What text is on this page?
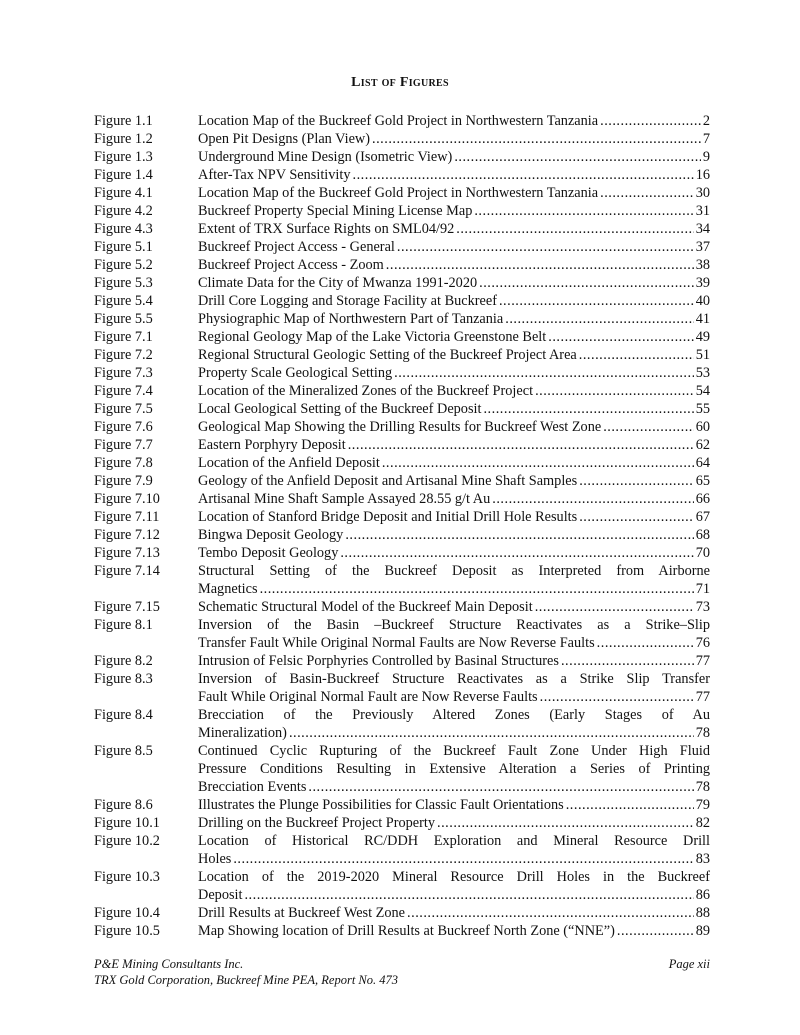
List of Figures
Figure 1.1	Location Map of the Buckreef Gold Project in Northwestern Tanzania .....	2
Figure 1.2	Open Pit Designs (Plan View) .....	7
Figure 1.3	Underground Mine Design (Isometric View) .....	9
Figure 1.4	After-Tax NPV Sensitivity .....	16
Figure 4.1	Location Map of the Buckreef Gold Project in Northwestern Tanzania .....	30
Figure 4.2	Buckreef Property Special Mining License Map .....	31
Figure 4.3	Extent of TRX Surface Rights on SML04/92 .....	34
Figure 5.1	Buckreef Project Access - General .....	37
Figure 5.2	Buckreef Project Access - Zoom .....	38
Figure 5.3	Climate Data for the City of Mwanza 1991-2020 .....	39
Figure 5.4	Drill Core Logging and Storage Facility at Buckreef .....	40
Figure 5.5	Physiographic Map of Northwestern Part of Tanzania .....	41
Figure 7.1	Regional Geology Map of the Lake Victoria Greenstone Belt .....	49
Figure 7.2	Regional Structural Geologic Setting of the Buckreef Project Area .....	51
Figure 7.3	Property Scale Geological Setting .....	53
Figure 7.4	Location of the Mineralized Zones of the Buckreef Project .....	54
Figure 7.5	Local Geological Setting of the Buckreef Deposit .....	55
Figure 7.6	Geological Map Showing the Drilling Results for Buckreef West Zone .....	60
Figure 7.7	Eastern Porphyry Deposit .....	62
Figure 7.8	Location of the Anfield Deposit .....	64
Figure 7.9	Geology of the Anfield Deposit and Artisanal Mine Shaft Samples .....	65
Figure 7.10	Artisanal Mine Shaft Sample Assayed 28.55 g/t Au .....	66
Figure 7.11	Location of Stanford Bridge Deposit and Initial Drill Hole Results .....	67
Figure 7.12	Bingwa Deposit Geology .....	68
Figure 7.13	Tembo Deposit Geology .....	70
Figure 7.14	Structural Setting of the Buckreef Deposit as Interpreted from Airborne
Magnetics .....	71
Figure 7.15	Schematic Structural Model of the Buckreef Main Deposit .....	73
Figure 8.1	Inversion of the Basin –Buckreef Structure Reactivates as a Strike–Slip
Transfer Fault While Original Normal Faults are Now Reverse Faults .....	76
Figure 8.2	Intrusion of Felsic Porphyries Controlled by Basinal Structures .....	77
Figure 8.3	Inversion of Basin-Buckreef Structure Reactivates as a Strike Slip Transfer
Fault While Original Normal Fault are Now Reverse Faults .....	77
Figure 8.4	Brecciation of the Previously Altered Zones (Early Stages of Au
Mineralization) .....	78
Figure 8.5	Continued Cyclic Rupturing of the Buckreef Fault Zone Under High Fluid
Pressure Conditions Resulting in Extensive Alteration a Series of Printing
Brecciation Events .....	78
Figure 8.6	Illustrates the Plunge Possibilities for Classic Fault Orientations .....	79
Figure 10.1	Drilling on the Buckreef Project Property .....	82
Figure 10.2	Location of Historical RC/DDH Exploration and Mineral Resource Drill
Holes .....	83
Figure 10.3	Location of the 2019-2020 Mineral Resource Drill Holes in the Buckreef
Deposit .....	86
Figure 10.4	Drill Results at Buckreef West Zone .....	88
Figure 10.5	Map Showing location of Drill Results at Buckreef North Zone (“NNE”) .....	89
P&E Mining Consultants Inc.	Page xii
TRX Gold Corporation, Buckreef Mine PEA, Report No. 473
